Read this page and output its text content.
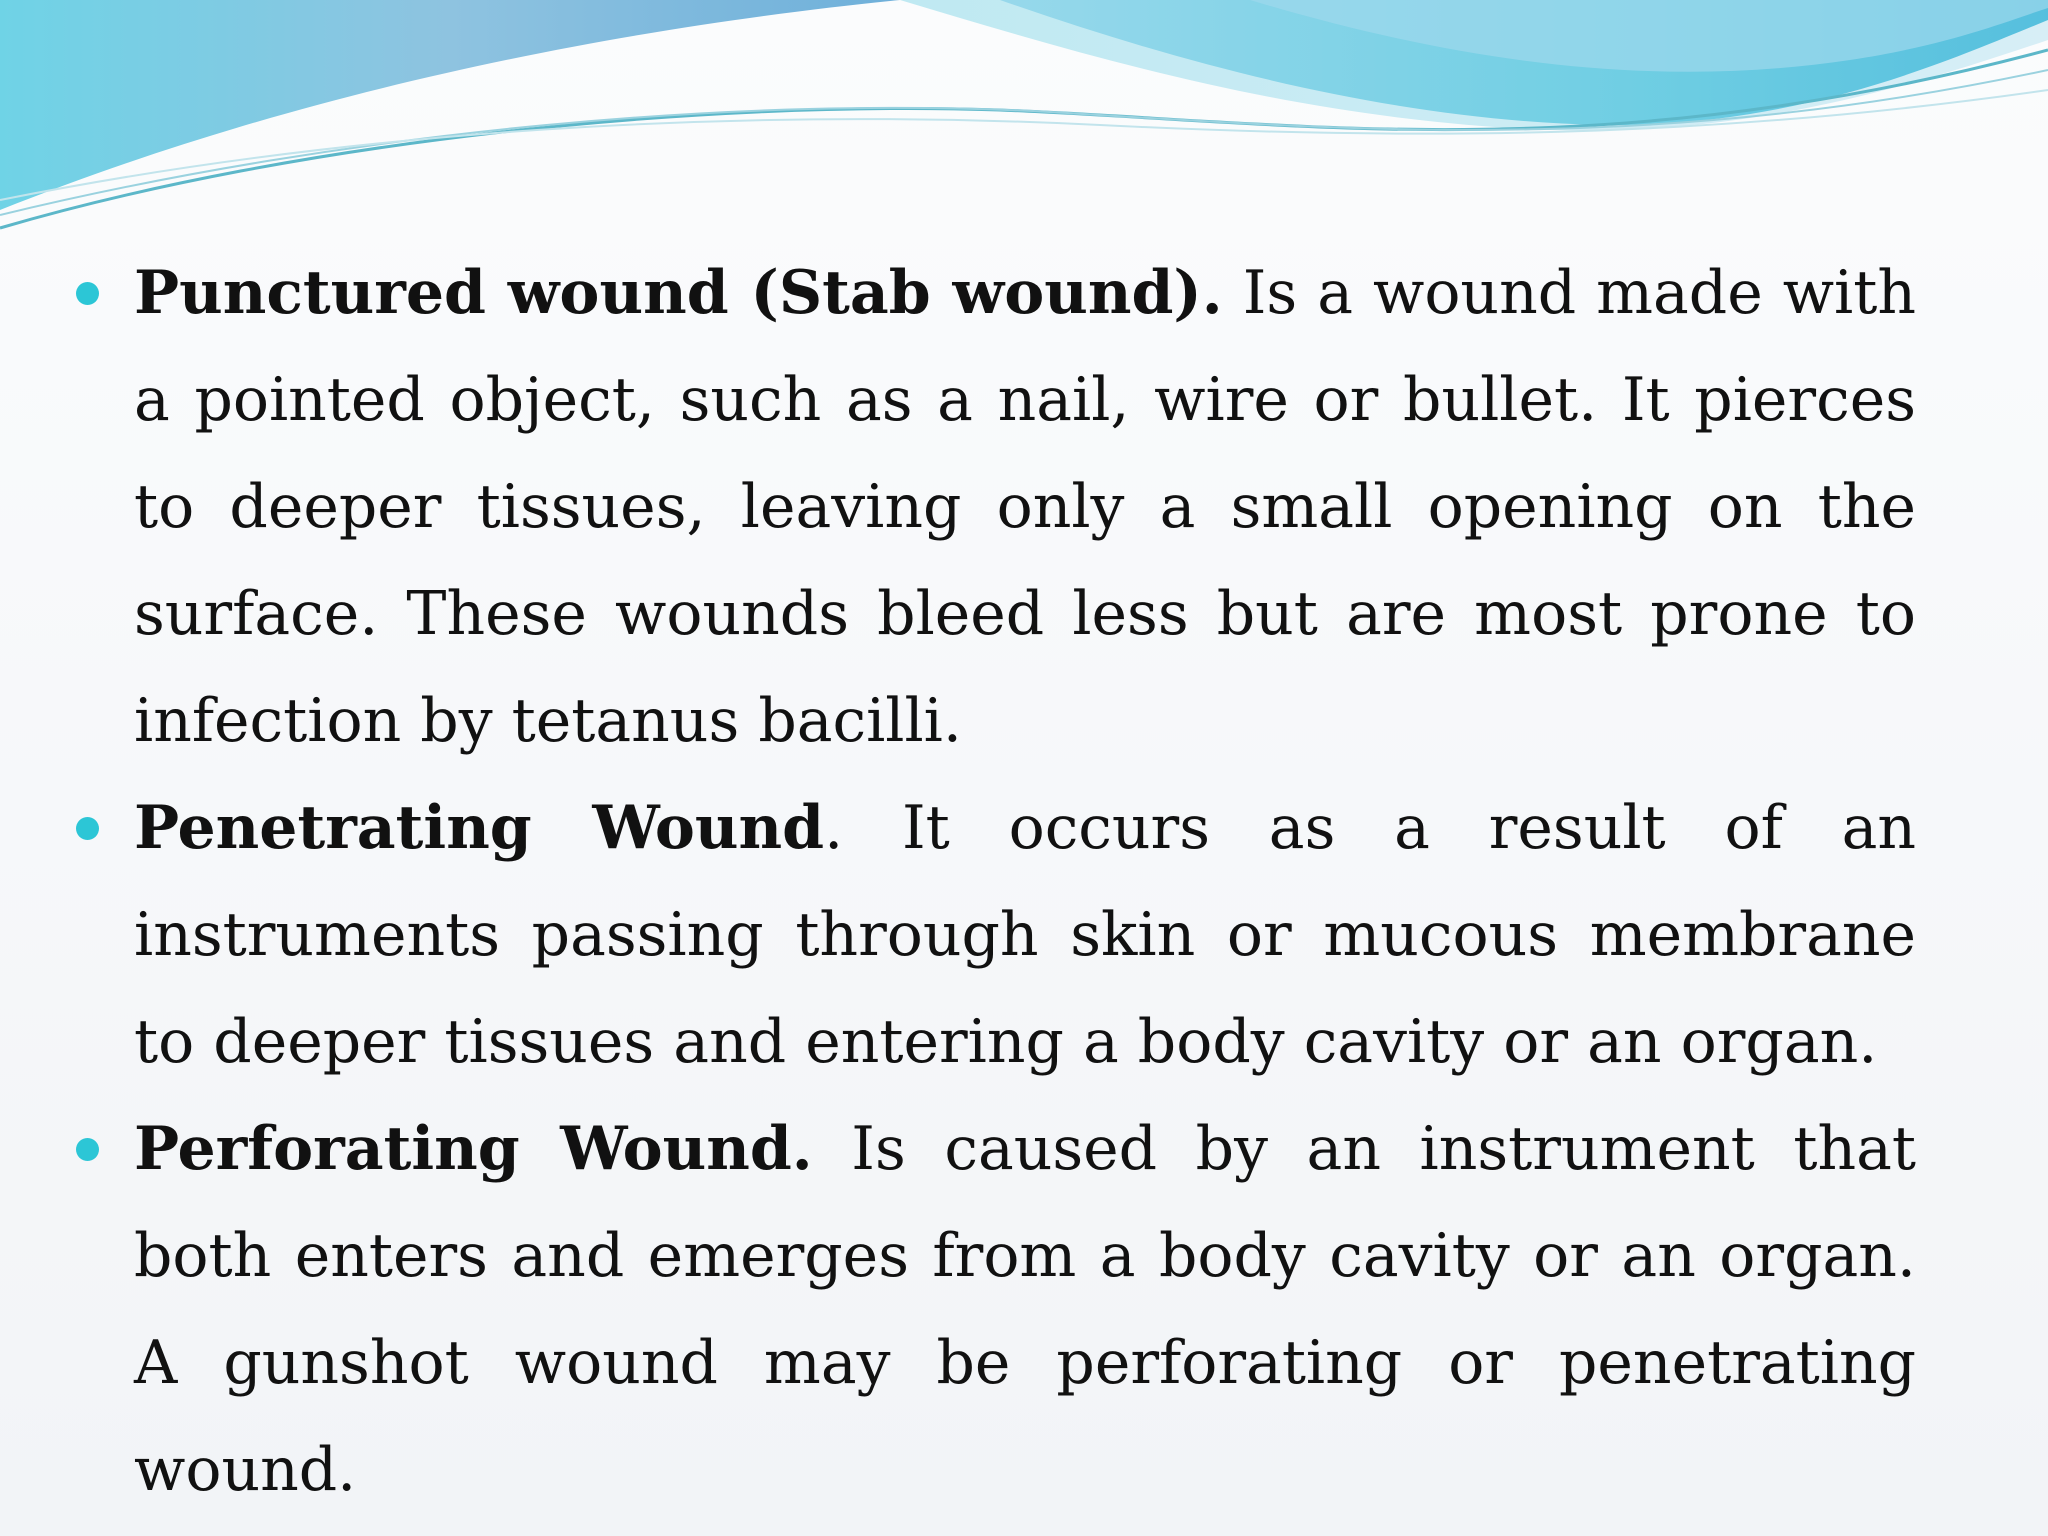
Punctured wound (Stab wound). Is a wound made with a pointed object, such as a nail, wire or bullet. It pierces to deeper tissues, leaving only a small opening on the surface. These wounds bleed less but are most prone to infection by tetanus bacilli.
Penetrating Wound. It occurs as a result of an instruments passing through skin or mucous membrane to deeper tissues and entering a body cavity or an organ.
Perforating Wound. Is caused by an instrument that both enters and emerges from a body cavity or an organ. A gunshot wound may be perforating or penetrating wound.
